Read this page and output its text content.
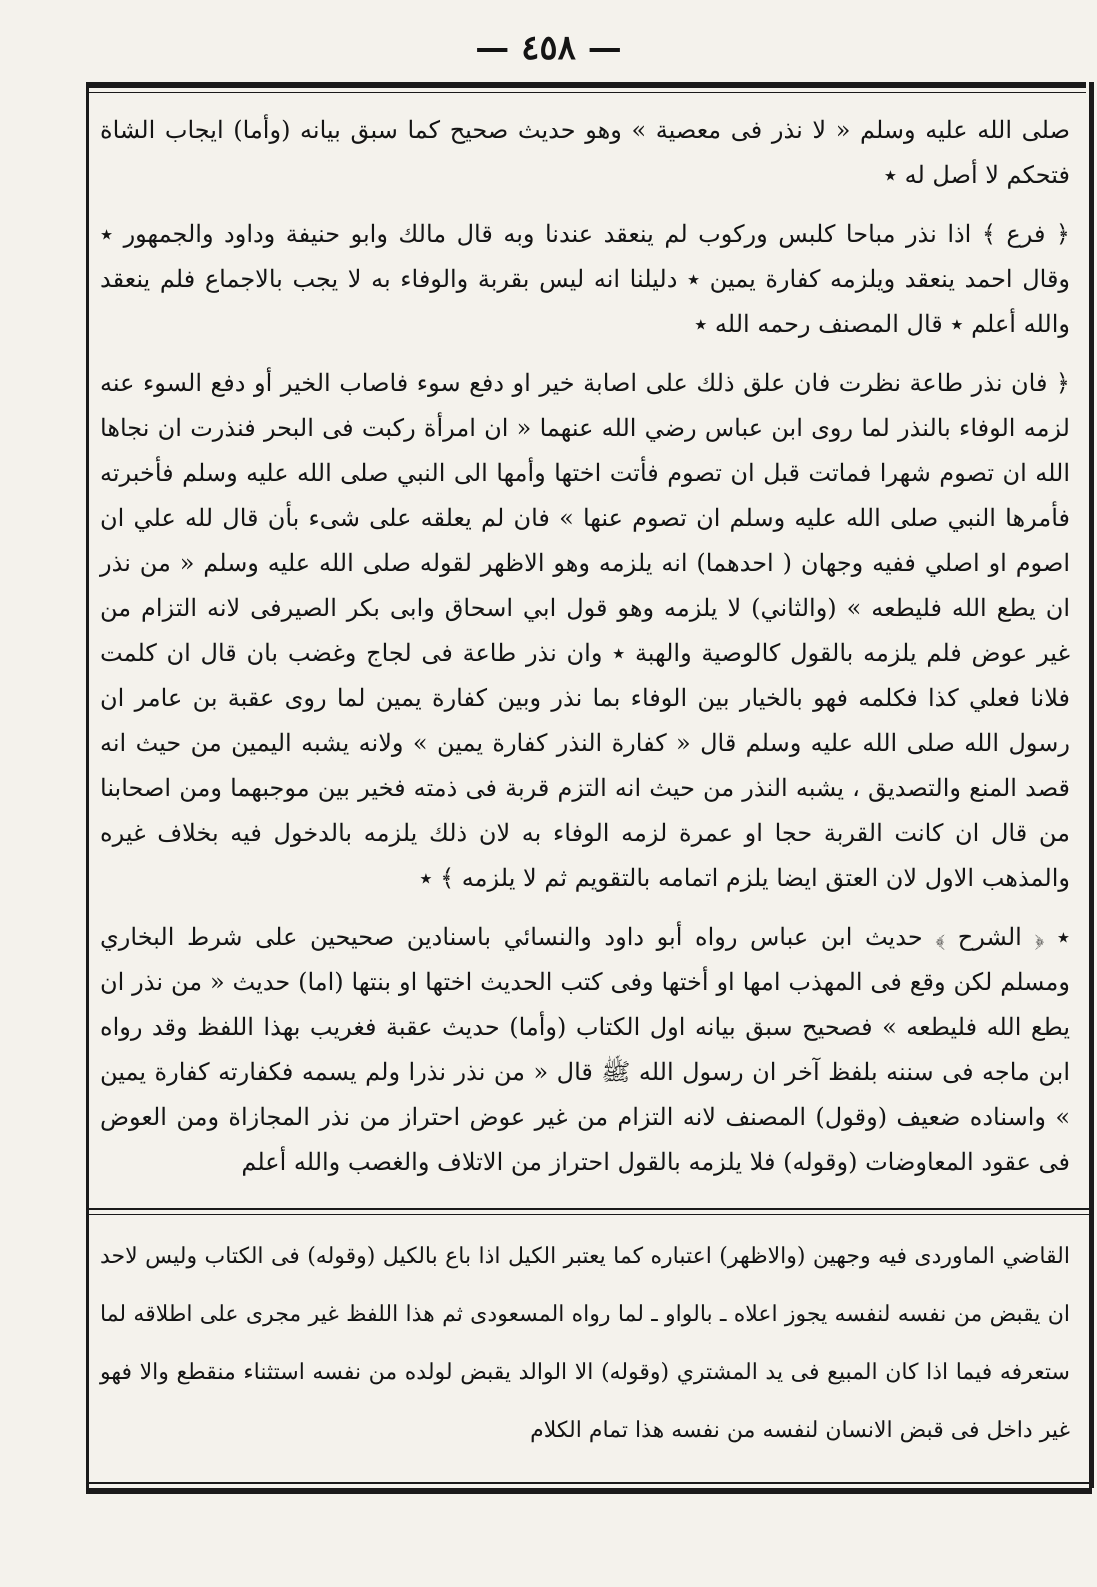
— ٤٥٨ —

صلى الله عليه وسلم « لا نذر فى معصية » وهو حديث صحيح كما سبق بيانه (وأما) ايجاب الشاة فتحكم لا أصل له ٭

﴿ فرع ﴾ اذا نذر مباحا كلبس وركوب لم ينعقد عندنا وبه قال مالك وابو حنيفة وداود والجمهور ٭ وقال احمد ينعقد ويلزمه كفارة يمين ٭ دليلنا انه ليس بقربة والوفاء به لا يجب بالاجماع فلم ينعقد والله أعلم ٭ قال المصنف رحمه الله ٭

﴿ فان نذر طاعة نظرت فان علق ذلك على اصابة خير او دفع سوء فاصاب الخير أو دفع السوء عنه لزمه الوفاء بالنذر لما روى ابن عباس رضي الله عنهما « ان امرأة ركبت فى البحر فنذرت ان نجاها الله ان تصوم شهرا فماتت قبل ان تصوم فأتت اختها وأمها الى النبي صلى الله عليه وسلم فأخبرته فأمرها النبي صلى الله عليه وسلم ان تصوم عنها » فان لم يعلقه على شىء بأن قال لله علي ان اصوم او اصلي ففيه وجهان ( احدهما) انه يلزمه وهو الاظهر لقوله صلى الله عليه وسلم « من نذر ان يطع الله فليطعه » (والثاني) لا يلزمه وهو قول ابي اسحاق وابى بكر الصيرفى لانه التزام من غير عوض فلم يلزمه بالقول كالوصية والهبة ٭ وان نذر طاعة فى لجاج وغضب بان قال ان كلمت فلانا فعلي كذا فكلمه فهو بالخيار بين الوفاء بما نذر وبين كفارة يمين لما روى عقبة بن عامر ان رسول الله صلى الله عليه وسلم قال « كفارة النذر كفارة يمين » ولانه يشبه اليمين من حيث انه قصد المنع والتصديق ، يشبه النذر من حيث انه التزم قربة فى ذمته فخير بين موجبهما ومن اصحابنا من قال ان كانت القربة حجا او عمرة لزمه الوفاء به لان ذلك يلزمه بالدخول فيه بخلاف غيره والمذهب الاول لان العتق ايضا يلزم اتمامه بالتقويم ثم لا يلزمه ﴾ ٭

٭ ﴿ الشرح ﴾ حديث ابن عباس رواه أبو داود والنسائي باسنادين صحيحين على شرط البخاري ومسلم لكن وقع فى المهذب امها او أختها وفى كتب الحديث اختها او بنتها (اما) حديث « من نذر ان يطع الله فليطعه » فصحيح سبق بيانه اول الكتاب (وأما) حديث عقبة فغريب بهذا اللفظ وقد رواه ابن ماجه فى سننه بلفظ آخر ان رسول الله ﷺ قال « من نذر نذرا ولم يسمه فكفارته كفارة يمين » واسناده ضعيف (وقول) المصنف لانه التزام من غير عوض احتراز من نذر المجازاة ومن العوض فى عقود المعاوضات (وقوله) فلا يلزمه بالقول احتراز من الاتلاف والغصب والله أعلم

القاضي الماوردى فيه وجهين (والاظهر) اعتباره كما يعتبر الكيل اذا باع بالكيل (وقوله) فى الكتاب وليس لاحد ان يقبض من نفسه لنفسه يجوز اعلاه ـ بالواو ـ لما رواه المسعودى ثم هذا اللفظ غير مجرى على اطلاقه لما ستعرفه فيما اذا كان المبيع فى يد المشتري (وقوله) الا الوالد يقبض لولده من نفسه استثناء منقطع والا فهو غير داخل فى قبض الانسان لنفسه من نفسه هذا تمام الكلام
